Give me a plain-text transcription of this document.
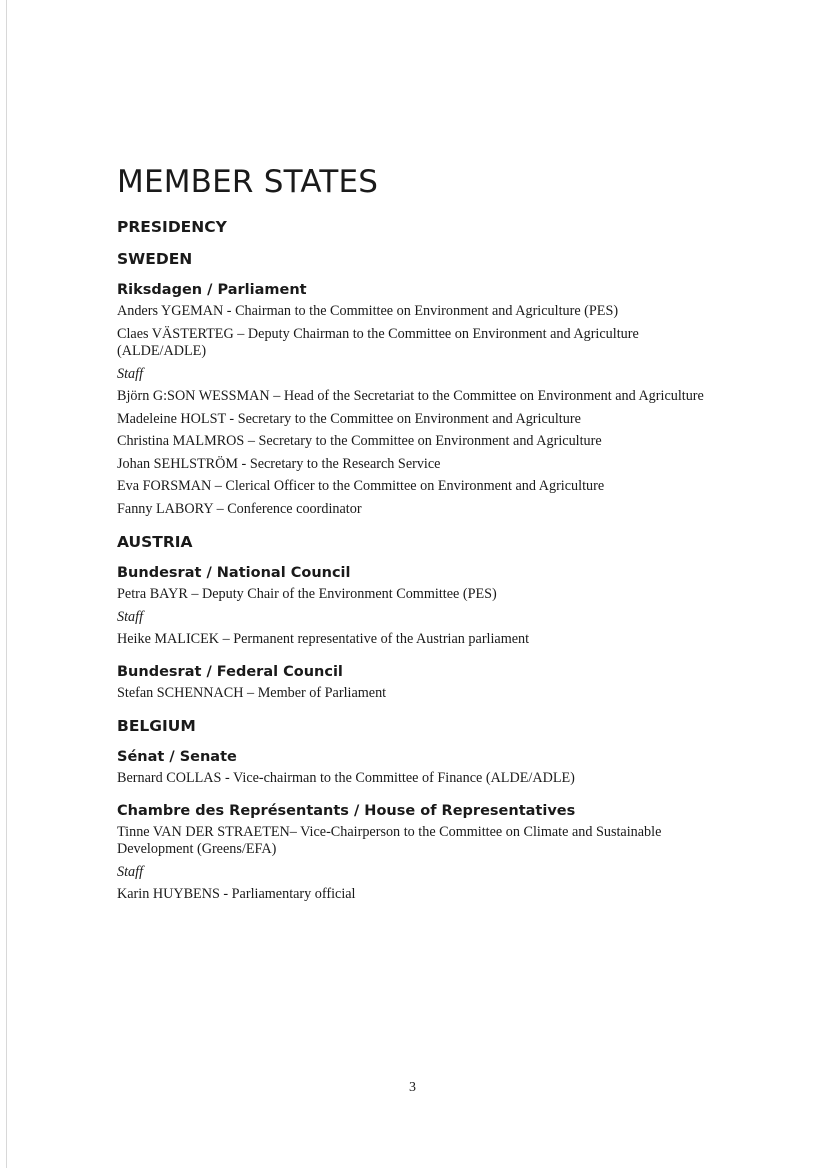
MEMBER STATES
PRESIDENCY
SWEDEN
Riksdagen / Parliament
Anders YGEMAN - Chairman to the Committee on Environment and Agriculture (PES)
Claes VÄSTERTEG – Deputy Chairman to the Committee on Environment and Agriculture (ALDE/ADLE)
Staff
Björn G:SON WESSMAN – Head of the Secretariat to the Committee on Environment and Agriculture
Madeleine HOLST - Secretary to the Committee on Environment and Agriculture
Christina MALMROS – Secretary to the Committee on Environment and Agriculture
Johan SEHLSTRÖM - Secretary to the Research Service
Eva FORSMAN – Clerical Officer to the Committee on Environment and Agriculture
Fanny LABORY – Conference coordinator
AUSTRIA
Bundesrat / National Council
Petra BAYR – Deputy Chair of the Environment Committee (PES)
Staff
Heike MALICEK – Permanent representative of the Austrian parliament
Bundesrat / Federal Council
Stefan SCHENNACH – Member of Parliament
BELGIUM
Sénat / Senate
Bernard COLLAS - Vice-chairman to the Committee of Finance (ALDE/ADLE)
Chambre des Représentants / House of Representatives
Tinne VAN DER STRAETEN– Vice-Chairperson to the Committee on Climate and Sustainable Development (Greens/EFA)
Staff
Karin HUYBENS - Parliamentary official
3
